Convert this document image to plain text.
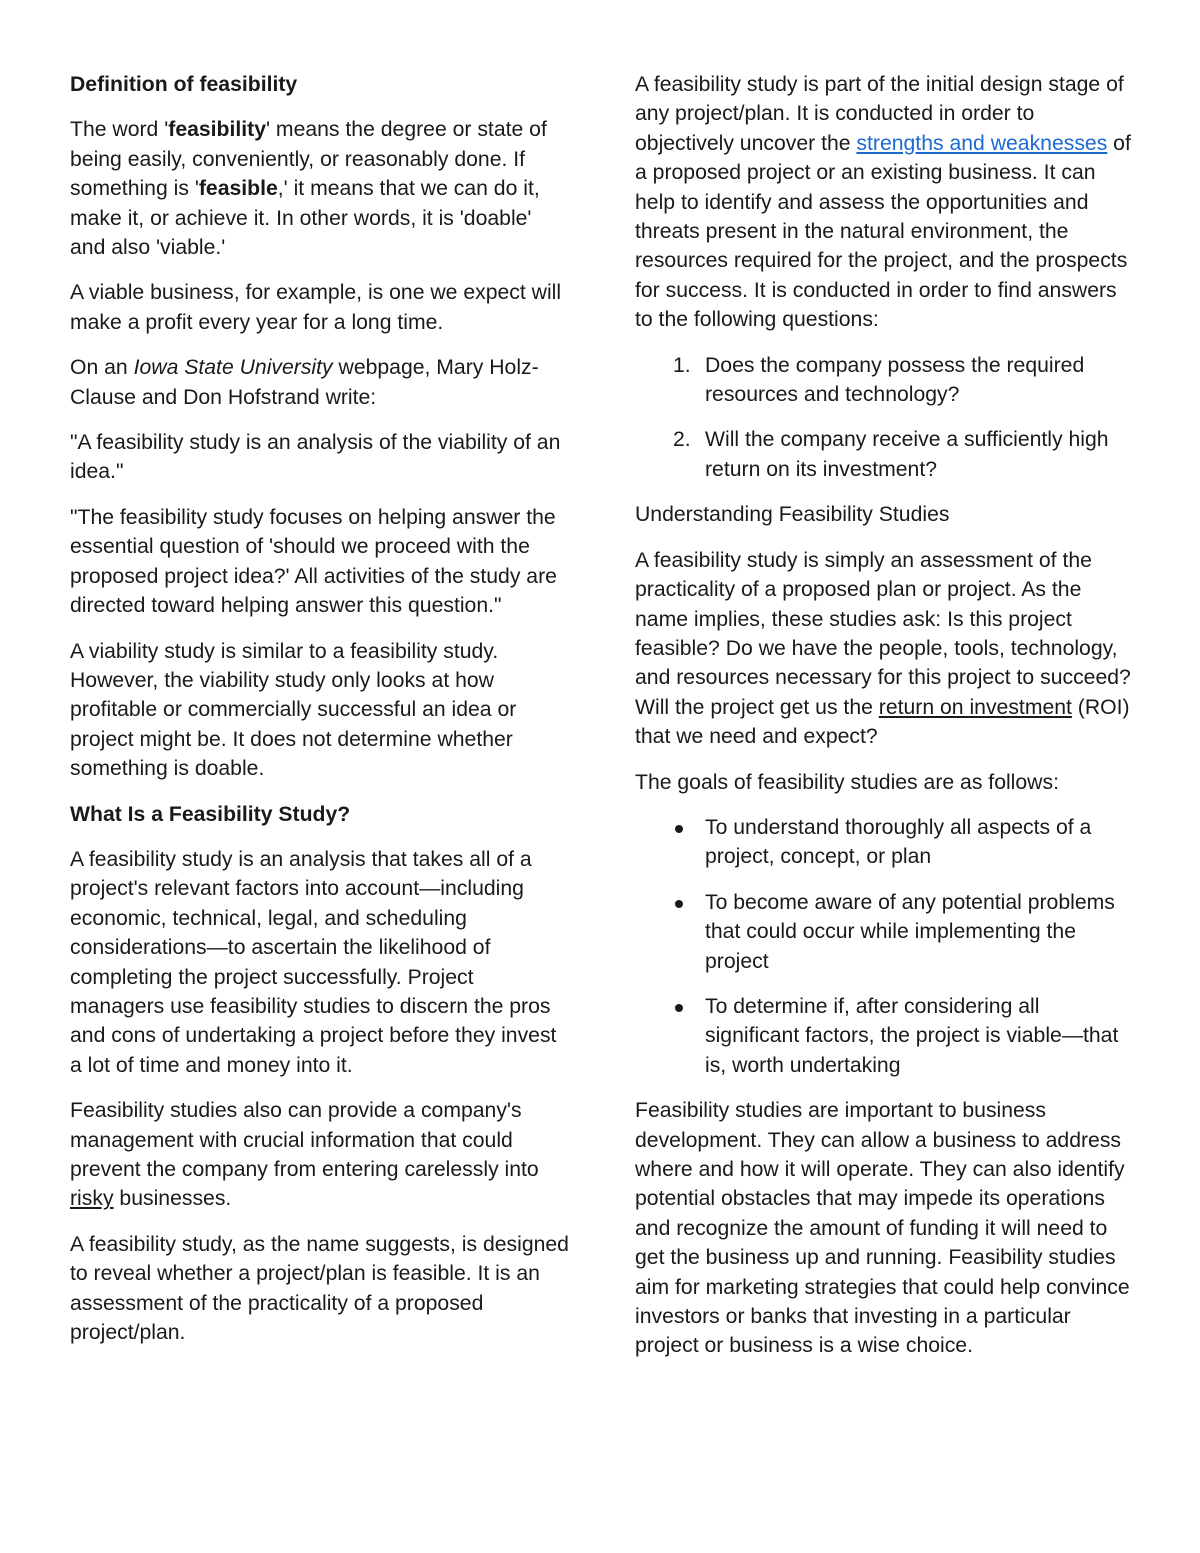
Definition of feasibility

The word 'feasibility' means the degree or state of being easily, conveniently, or reasonably done. If something is 'feasible,' it means that we can do it, make it, or achieve it. In other words, it is 'doable' and also 'viable.'

A viable business, for example, is one we expect will make a profit every year for a long time.

On an Iowa State University webpage, Mary Holz-Clause and Don Hofstrand write:

"A feasibility study is an analysis of the viability of an idea."

"The feasibility study focuses on helping answer the essential question of 'should we proceed with the proposed project idea?' All activities of the study are directed toward helping answer this question."

A viability study is similar to a feasibility study. However, the viability study only looks at how profitable or commercially successful an idea or project might be. It does not determine whether something is doable.

What Is a Feasibility Study?

A feasibility study is an analysis that takes all of a project's relevant factors into account—including economic, technical, legal, and scheduling considerations—to ascertain the likelihood of completing the project successfully. Project managers use feasibility studies to discern the pros and cons of undertaking a project before they invest a lot of time and money into it.

Feasibility studies also can provide a company's management with crucial information that could prevent the company from entering carelessly into risky businesses.

A feasibility study, as the name suggests, is designed to reveal whether a project/plan is feasible. It is an assessment of the practicality of a proposed project/plan.

A feasibility study is part of the initial design stage of any project/plan. It is conducted in order to objectively uncover the strengths and weaknesses of a proposed project or an existing business. It can help to identify and assess the opportunities and threats present in the natural environment, the resources required for the project, and the prospects for success. It is conducted in order to find answers to the following questions:

1. Does the company possess the required resources and technology?
2. Will the company receive a sufficiently high return on its investment?

Understanding Feasibility Studies

A feasibility study is simply an assessment of the practicality of a proposed plan or project. As the name implies, these studies ask: Is this project feasible? Do we have the people, tools, technology, and resources necessary for this project to succeed? Will the project get us the return on investment (ROI) that we need and expect?

The goals of feasibility studies are as follows:

To understand thoroughly all aspects of a project, concept, or plan
To become aware of any potential problems that could occur while implementing the project
To determine if, after considering all significant factors, the project is viable—that is, worth undertaking

Feasibility studies are important to business development. They can allow a business to address where and how it will operate. They can also identify potential obstacles that may impede its operations and recognize the amount of funding it will need to get the business up and running. Feasibility studies aim for marketing strategies that could help convince investors or banks that investing in a particular project or business is a wise choice.
